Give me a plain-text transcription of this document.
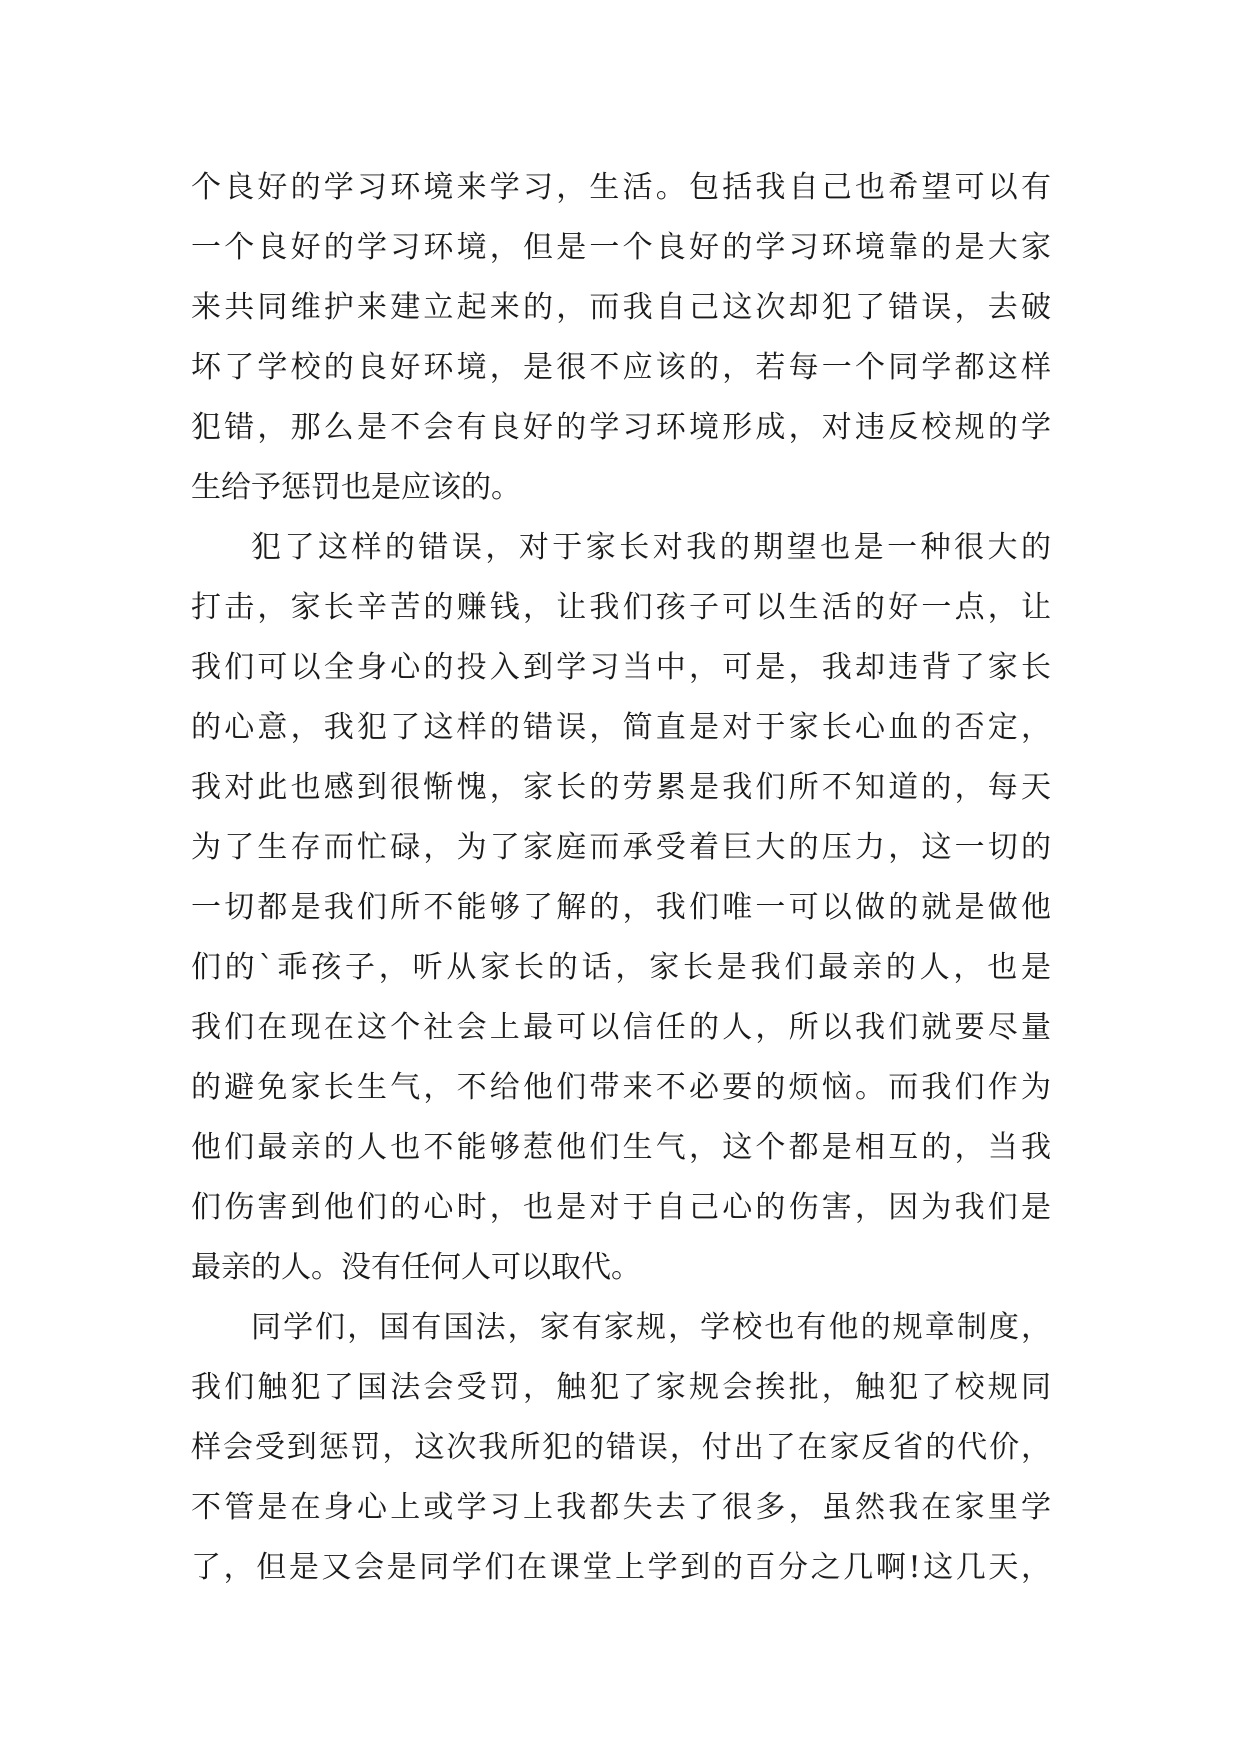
个良好的学习环境来学习，生活。包括我自己也希望可以有
一个良好的学习环境，但是一个良好的学习环境靠的是大家
来共同维护来建立起来的，而我自己这次却犯了错误，去破
坏了学校的良好环境，是很不应该的，若每一个同学都这样
犯错，那么是不会有良好的学习环境形成，对违反校规的学
生给予惩罚也是应该的。
犯了这样的错误，对于家长对我的期望也是一种很大的
打击，家长辛苦的赚钱，让我们孩子可以生活的好一点，让
我们可以全身心的投入到学习当中，可是，我却违背了家长
的心意，我犯了这样的错误，简直是对于家长心血的否定，
我对此也感到很惭愧，家长的劳累是我们所不知道的，每天
为了生存而忙碌，为了家庭而承受着巨大的压力，这一切的
一切都是我们所不能够了解的，我们唯一可以做的就是做他
们的`乖孩子，听从家长的话，家长是我们最亲的人，也是
我们在现在这个社会上最可以信任的人，所以我们就要尽量
的避免家长生气，不给他们带来不必要的烦恼。而我们作为
他们最亲的人也不能够惹他们生气，这个都是相互的，当我
们伤害到他们的心时，也是对于自己心的伤害，因为我们是
最亲的人。没有任何人可以取代。
同学们，国有国法，家有家规，学校也有他的规章制度，
我们触犯了国法会受罚，触犯了家规会挨批，触犯了校规同
样会受到惩罚，这次我所犯的错误，付出了在家反省的代价，
不管是在身心上或学习上我都失去了很多，虽然我在家里学
了，但是又会是同学们在课堂上学到的百分之几啊!这几天，
